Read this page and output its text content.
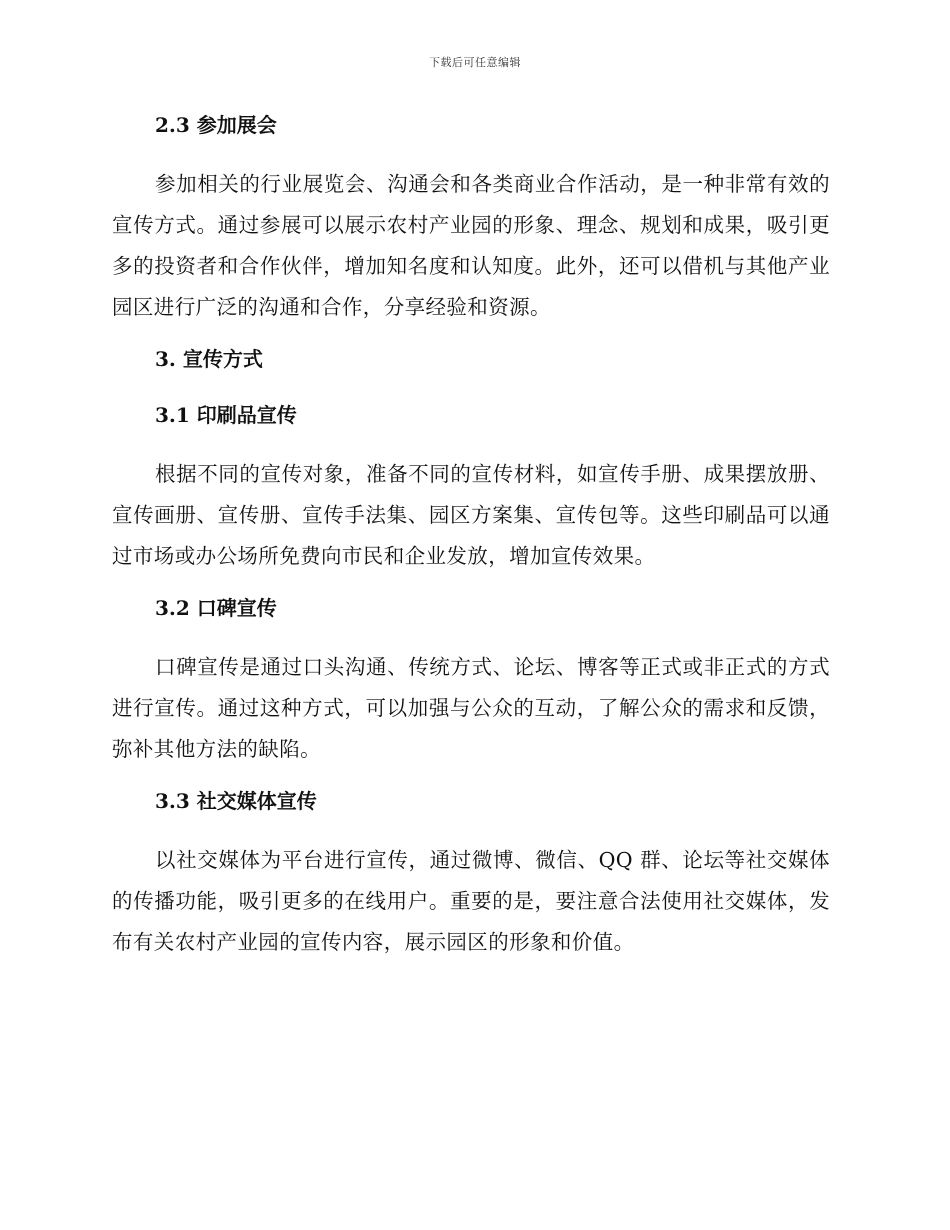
下载后可任意编辑
2.3 参加展会

参加相关的行业展览会、沟通会和各类商业合作活动，是一种非常有效的宣传方式。通过参展可以展示农村产业园的形象、理念、规划和成果，吸引更多的投资者和合作伙伴，增加知名度和认知度。此外，还可以借机与其他产业园区进行广泛的沟通和合作，分享经验和资源。

3. 宣传方式
3.1 印刷品宣传

根据不同的宣传对象，准备不同的宣传材料，如宣传手册、成果摆放册、宣传画册、宣传册、宣传手法集、园区方案集、宣传包等。这些印刷品可以通过市场或办公场所免费向市民和企业发放，增加宣传效果。

3.2 口碑宣传

口碑宣传是通过口头沟通、传统方式、论坛、博客等正式或非正式的方式进行宣传。通过这种方式，可以加强与公众的互动，了解公众的需求和反馈，弥补其他方法的缺陷。

3.3 社交媒体宣传

以社交媒体为平台进行宣传，通过微博、微信、QQ 群、论坛等社交媒体的传播功能，吸引更多的在线用户。重要的是，要注意合法使用社交媒体，发布有关农村产业园的宣传内容，展示园区的形象和价值。
